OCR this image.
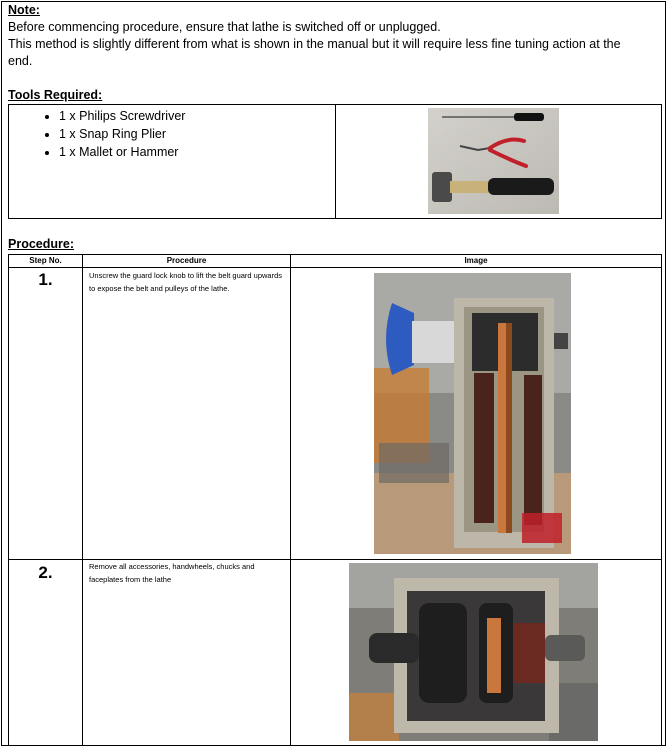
Note:
Before commencing procedure, ensure that lathe is switched off or unplugged.
This method is slightly different from what is shown in the manual but it will require less fine tuning action at the
end.
Tools Required:
• 1 x Philips Screwdriver
• 1 x Snap Ring Plier
• 1 x Mallet or Hammer
Procedure:
Step No.	Procedure	Image
1.	Unscrew the guard lock knob to lift the belt guard upwards to expose the belt and pulleys of the lathe.
2.	Remove all accessories, handwheels, chucks and faceplates from the lathe
